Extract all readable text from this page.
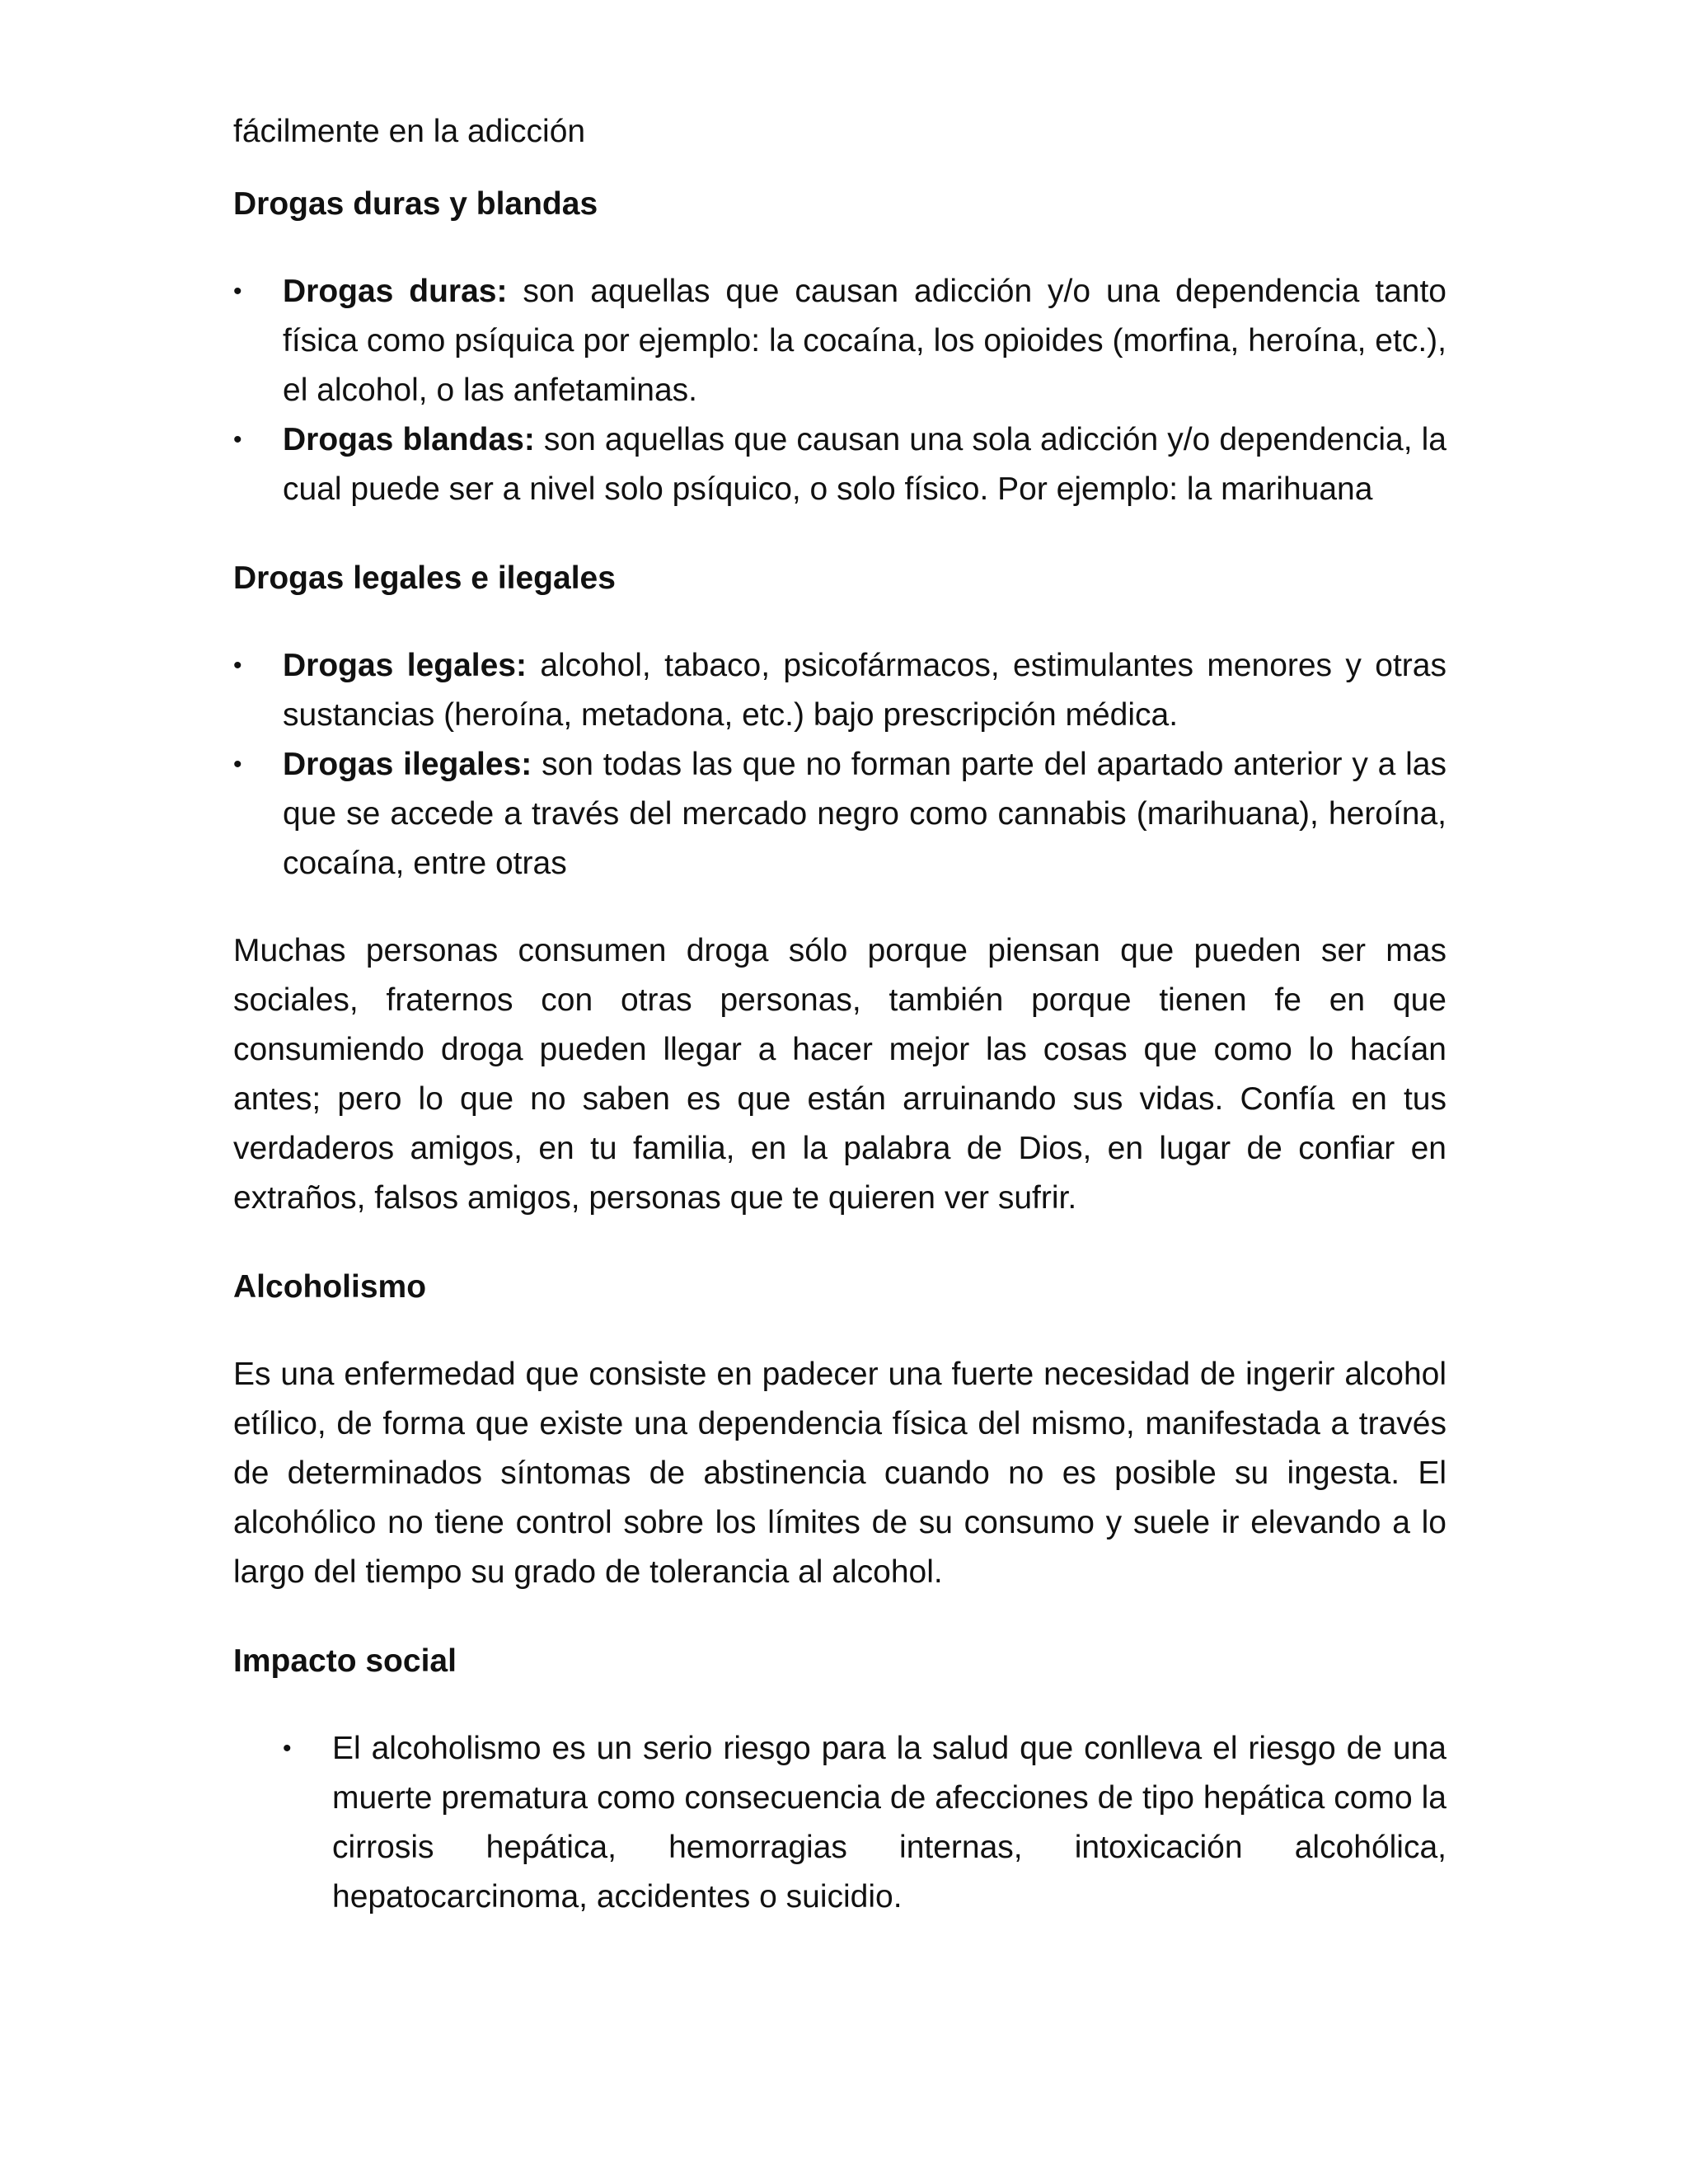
fácilmente en la adicción

Drogas duras y blandas

• Drogas duras: son aquellas que causan adicción y/o una dependencia tanto física como psíquica por ejemplo: la cocaína, los opioides (morfina, heroína, etc.), el alcohol, o las anfetaminas.
• Drogas blandas: son aquellas que causan una sola adicción y/o dependencia, la cual puede ser a nivel solo psíquico, o solo físico. Por ejemplo: la marihuana

Drogas legales e ilegales

• Drogas legales: alcohol, tabaco, psicofármacos, estimulantes menores y otras sustancias (heroína, metadona, etc.) bajo prescripción médica.
• Drogas ilegales: son todas las que no forman parte del apartado anterior y a las que se accede a través del mercado negro como cannabis (marihuana), heroína, cocaína, entre otras

Muchas personas consumen droga sólo porque piensan que pueden ser mas sociales, fraternos con otras personas, también porque tienen fe en que consumiendo droga pueden llegar a hacer mejor las cosas que como lo hacían antes; pero lo que no saben es que están arruinando sus vidas. Confía en tus verdaderos amigos, en tu familia, en la palabra de Dios, en lugar de confiar en extraños, falsos amigos, personas que te quieren ver sufrir.

Alcoholismo

Es una enfermedad que consiste en padecer una fuerte necesidad de ingerir alcohol etílico, de forma que existe una dependencia física del mismo, manifestada a través de determinados síntomas de abstinencia cuando no es posible su ingesta. El alcohólico no tiene control sobre los límites de su consumo y suele ir elevando a lo largo del tiempo su grado de tolerancia al alcohol.

Impacto social

• El alcoholismo es un serio riesgo para la salud que conlleva el riesgo de una muerte prematura como consecuencia de afecciones de tipo hepática como la cirrosis hepática, hemorragias internas, intoxicación alcohólica, hepatocarcinoma, accidentes o suicidio.
